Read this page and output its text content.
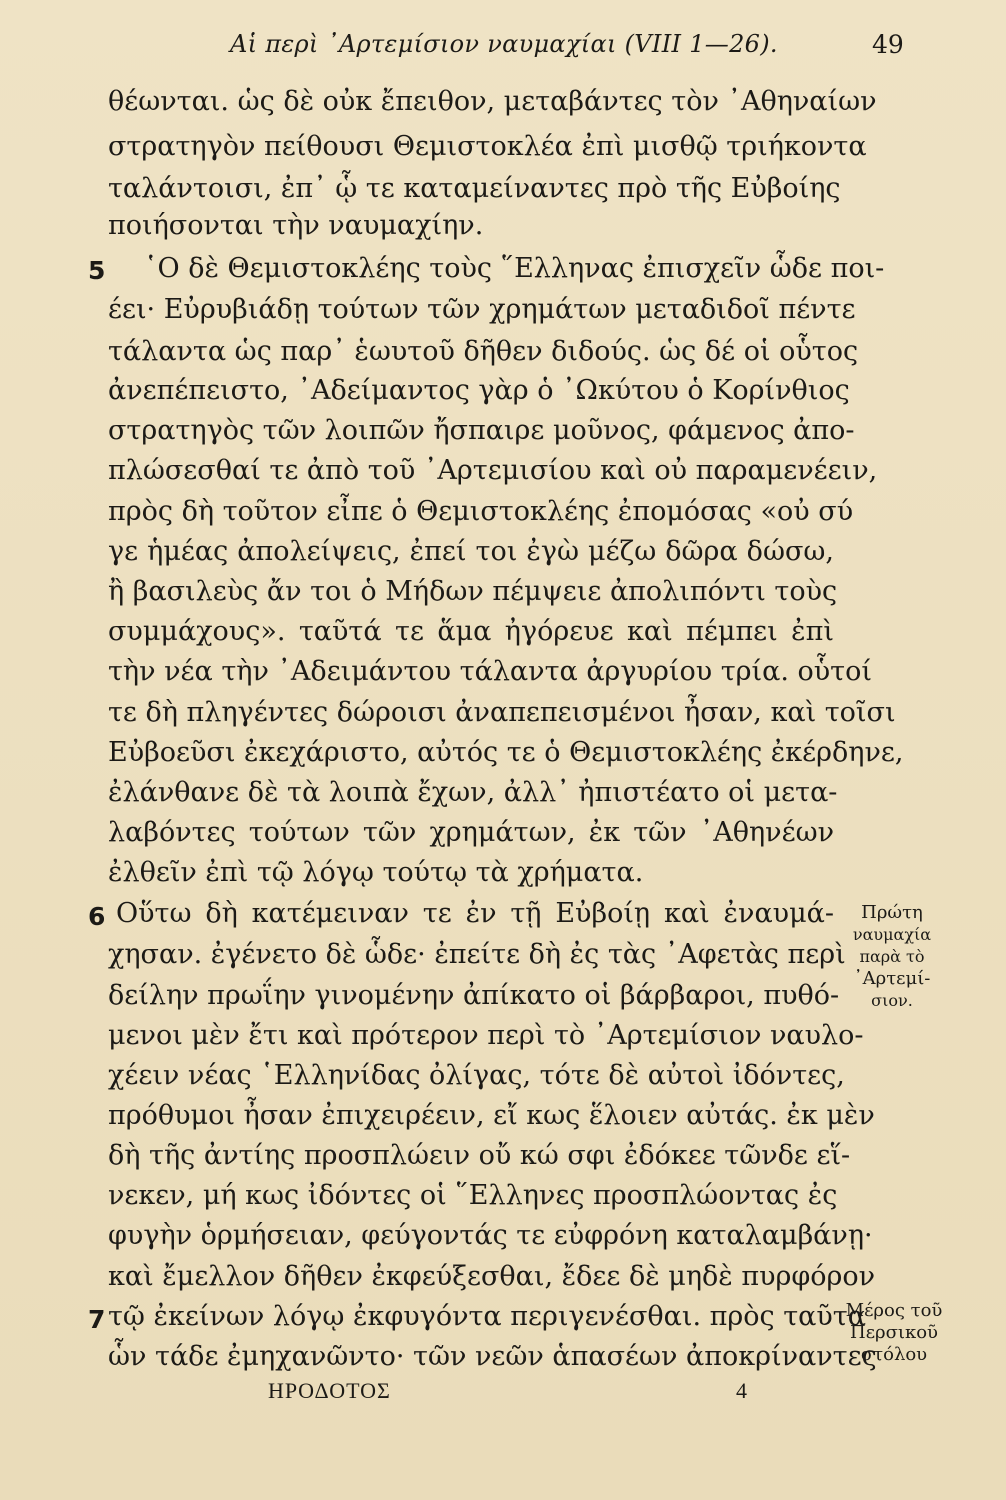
Αἱ περὶ ᾿Αρτεμίσιον ναυμαχίαι (VIII 1—26).	49
θέωνται. ὡς δὲ οὐκ ἔπειθον, μεταβάντες τὸν ᾿Αθηναίων
στρατηγὸν πείθουσι Θεμιστοκλέα ἐπὶ μισθῷ τριήκοντα
ταλάντοισι, ἐπ᾿ ᾧ τε καταμείναντες πρὸ τῆς Εὐβοίης
ποιήσονται τὴν ναυμαχίην.
5	῾Ο δὲ Θεμιστοκλέης τοὺς ῞Ελληνας ἐπισχεῖν ὧδε ποι-
έει· Εὐρυβιάδῃ τούτων τῶν χρημάτων μεταδιδοῖ πέντε
τάλαντα ὡς παρ᾿ ἑωυτοῦ δῆθεν διδούς. ὡς δέ οἱ οὗτος
ἀνεπέπειστο, ᾿Αδείμαντος γὰρ ὁ ᾿Ωκύτου ὁ Κορίνθιος
στρατηγὸς τῶν λοιπῶν ἤσπαιρε μοῦνος, φάμενος ἀπο-
πλώσεσθαί τε ἀπὸ τοῦ ᾿Αρτεμισίου καὶ οὐ παραμενέειν,
πρὸς δὴ τοῦτον εἶπε ὁ Θεμιστοκλέης ἐπομόσας «οὐ σύ
γε ἡμέας ἀπολείψεις, ἐπεί τοι ἐγὼ μέζω δῶρα δώσω,
ἢ βασιλεὺς ἄν τοι ὁ Μήδων πέμψειε ἀπολιπόντι τοὺς
συμμάχους». ταῦτά τε ἅμα ἠγόρευε καὶ πέμπει ἐπὶ
τὴν νέα τὴν ᾿Αδειμάντου τάλαντα ἀργυρίου τρία. οὗτοί
τε δὴ πληγέντες δώροισι ἀναπεπεισμένοι ἦσαν, καὶ τοῖσι
Εὐβοεῦσι ἐκεχάριστο, αὐτός τε ὁ Θεμιστοκλέης ἐκέρδηνε,
ἐλάνθανε δὲ τὰ λοιπὰ ἔχων, ἀλλ᾿ ἠπιστέατο οἱ μετα-
λαβόντες τούτων τῶν χρημάτων, ἐκ τῶν ᾿Αθηνέων
ἐλθεῖν ἐπὶ τῷ λόγῳ τούτῳ τὰ χρήματα.
6 Οὕτω δὴ κατέμειναν τε ἐν τῇ Εὐβοίῃ καὶ ἐναυμά-
χησαν. ἐγένετο δὲ ὧδε· ἐπείτε δὴ ἐς τὰς ᾿Αφετὰς περὶ
δείλην πρωΐην γινομένην ἀπίκατο οἱ βάρβαροι, πυθό-
μενοι μὲν ἔτι καὶ πρότερον περὶ τὸ ᾿Αρτεμίσιον ναυλο-
χέειν νέας ῾Ελληνίδας ὀλίγας, τότε δὲ αὐτοὶ ἰδόντες,
πρόθυμοι ἦσαν ἐπιχειρέειν, εἴ κως ἕλοιεν αὐτάς. ἐκ μὲν
δὴ τῆς ἀντίης προσπλώειν οὔ κώ σφι ἐδόκεε τῶνδε εἵ-
νεκεν, μή κως ἰδόντες οἱ ῞Ελληνες προσπλώοντας ἐς
φυγὴν ὁρμήσειαν, φεύγοντάς τε εὐφρόνη καταλαμβάνῃ·
καὶ ἔμελλον δῆθεν ἐκφεύξεσθαι, ἔδεε δὲ μηδὲ πυρφόρον
7 τῷ ἐκείνων λόγῳ ἐκφυγόντα περιγενέσθαι. πρὸς ταῦτα
ὧν τάδε ἐμηχανῶντο· τῶν νεῶν ἁπασέων ἀποκρίναντες
Πρώτη
ναυμαχία
παρὰ τὸ
᾿Αρτεμί-
σιον.
Μέρος τοῦ
Περσικοῦ
στόλου
ΗΡΟΔΟΤΟΣ	4
